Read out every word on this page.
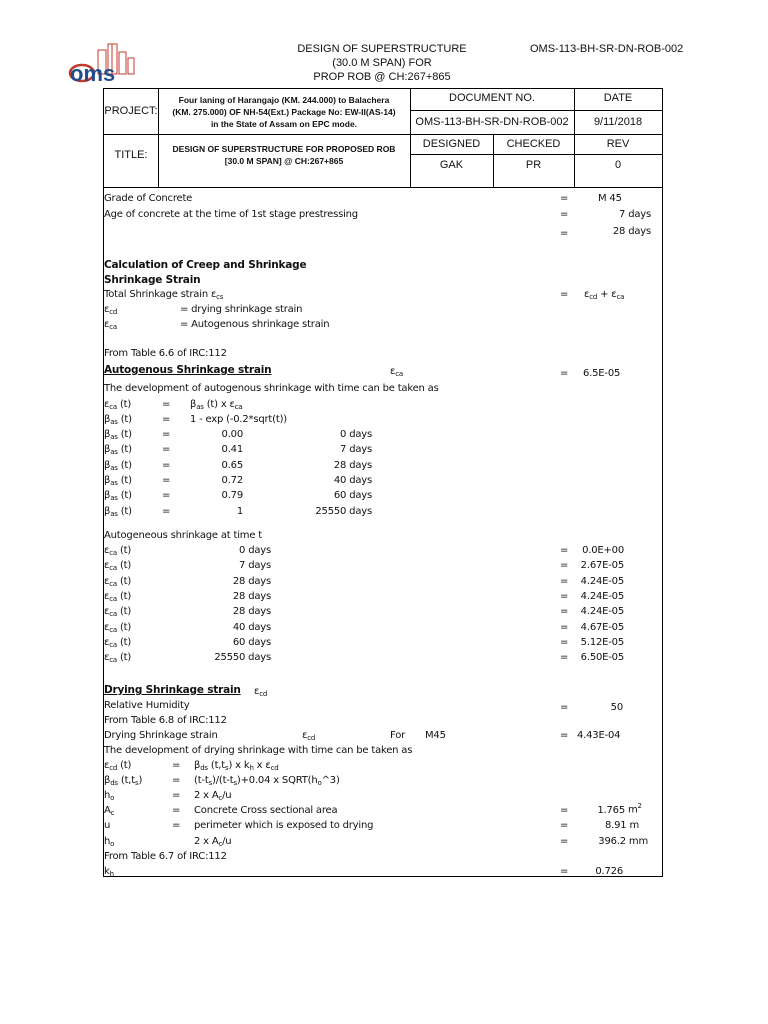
oms
DESIGN OF SUPERSTRUCTURE
(30.0 M SPAN) FOR
PROP ROB @ CH:267+865
OMS-113-BH-SR-DN-ROB-002
PROJECT:
Four laning of Harangajo (KM. 244.000) to Balachera
(KM. 275.000) OF NH-54(Ext.) Package No: EW-II(AS-14)
in the State of Assam on EPC mode.
DOCUMENT NO.	DATE
OMS-113-BH-SR-DN-ROB-002	9/11/2018
TITLE:	DESIGN OF SUPERSTRUCTURE FOR PROPOSED ROB
[30.0 M SPAN] @ CH:267+865
DESIGNED	CHECKED	REV
GAK	PR	0
Grade of Concrete	=	M 45
Age of concrete at the time of 1st stage prestressing	=	7 days
=	28 days
Calculation of Creep and Shrinkage
Shrinkage Strain
Total Shrinkage strain $\varepsilon_{cs}$	= $\varepsilon_{cd} + \varepsilon_{ca}$
$\varepsilon_{cd}$	= drying shrinkage strain
$\varepsilon_{ca}$	= Autogenous shrinkage strain
From Table 6.6 of IRC:112
Autogenous Shrinkage strain	$\varepsilon_{ca}$	= 6.5E-05
The development of autogenous shrinkage with time can be taken as
$\varepsilon_{ca}$ (t)	= $\beta_{as}$ (t) x $\varepsilon_{ca}$
$\beta_{as}$ (t)	= 1 - exp (-0.2*sqrt(t))
$\beta_{as}$ (t)	=	0.00	0 days
$\beta_{as}$ (t)	=	0.41	7 days
$\beta_{as}$ (t)	=	0.65	28 days
$\beta_{as}$ (t)	=	0.72	40 days
$\beta_{as}$ (t)	=	0.79	60 days
$\beta_{as}$ (t)	=	1	25550 days
Autogeneous shrinkage at time t
$\varepsilon_{ca}$ (t)	0 days	=	0.0E+00
$\varepsilon_{ca}$ (t)	7 days	=	2.67E-05
$\varepsilon_{ca}$ (t)	28 days	=	4.24E-05
$\varepsilon_{ca}$ (t)	28 days	=	4.24E-05
$\varepsilon_{ca}$ (t)	28 days	=	4.24E-05
$\varepsilon_{ca}$ (t)	40 days	=	4.67E-05
$\varepsilon_{ca}$ (t)	60 days	=	5.12E-05
$\varepsilon_{ca}$ (t)	25550 days	=	6.50E-05
Drying Shrinkage strain $\varepsilon_{cd}$
Relative Humidity	=	50
From Table 6.8 of IRC:112
Drying Shrinkage strain	$\varepsilon_{cd}$	For M45	= 4.43E-04
The development of drying shrinkage with time can be taken as
$\varepsilon_{cd}$ (t)	= $\beta_{ds}$ $(t,t_s)$ x $k_h$ x $\varepsilon_{cd}$
$\beta_{ds}$ $(t,t_s)$	= $(t-t_s)/(t-t_s)+0.04$ x $SQRT(h_o\^{}3)$
$h_o$	= 2 x $A_c/u$
$A_c$	= Concrete Cross sectional area	=	1.765 $m^2$
u	= perimeter which is exposed to drying	=	8.91 m
$h_o$	2 x $A_c/u$	=	396.2 mm
From Table 6.7 of IRC:112
$k_h$	=	0.726
